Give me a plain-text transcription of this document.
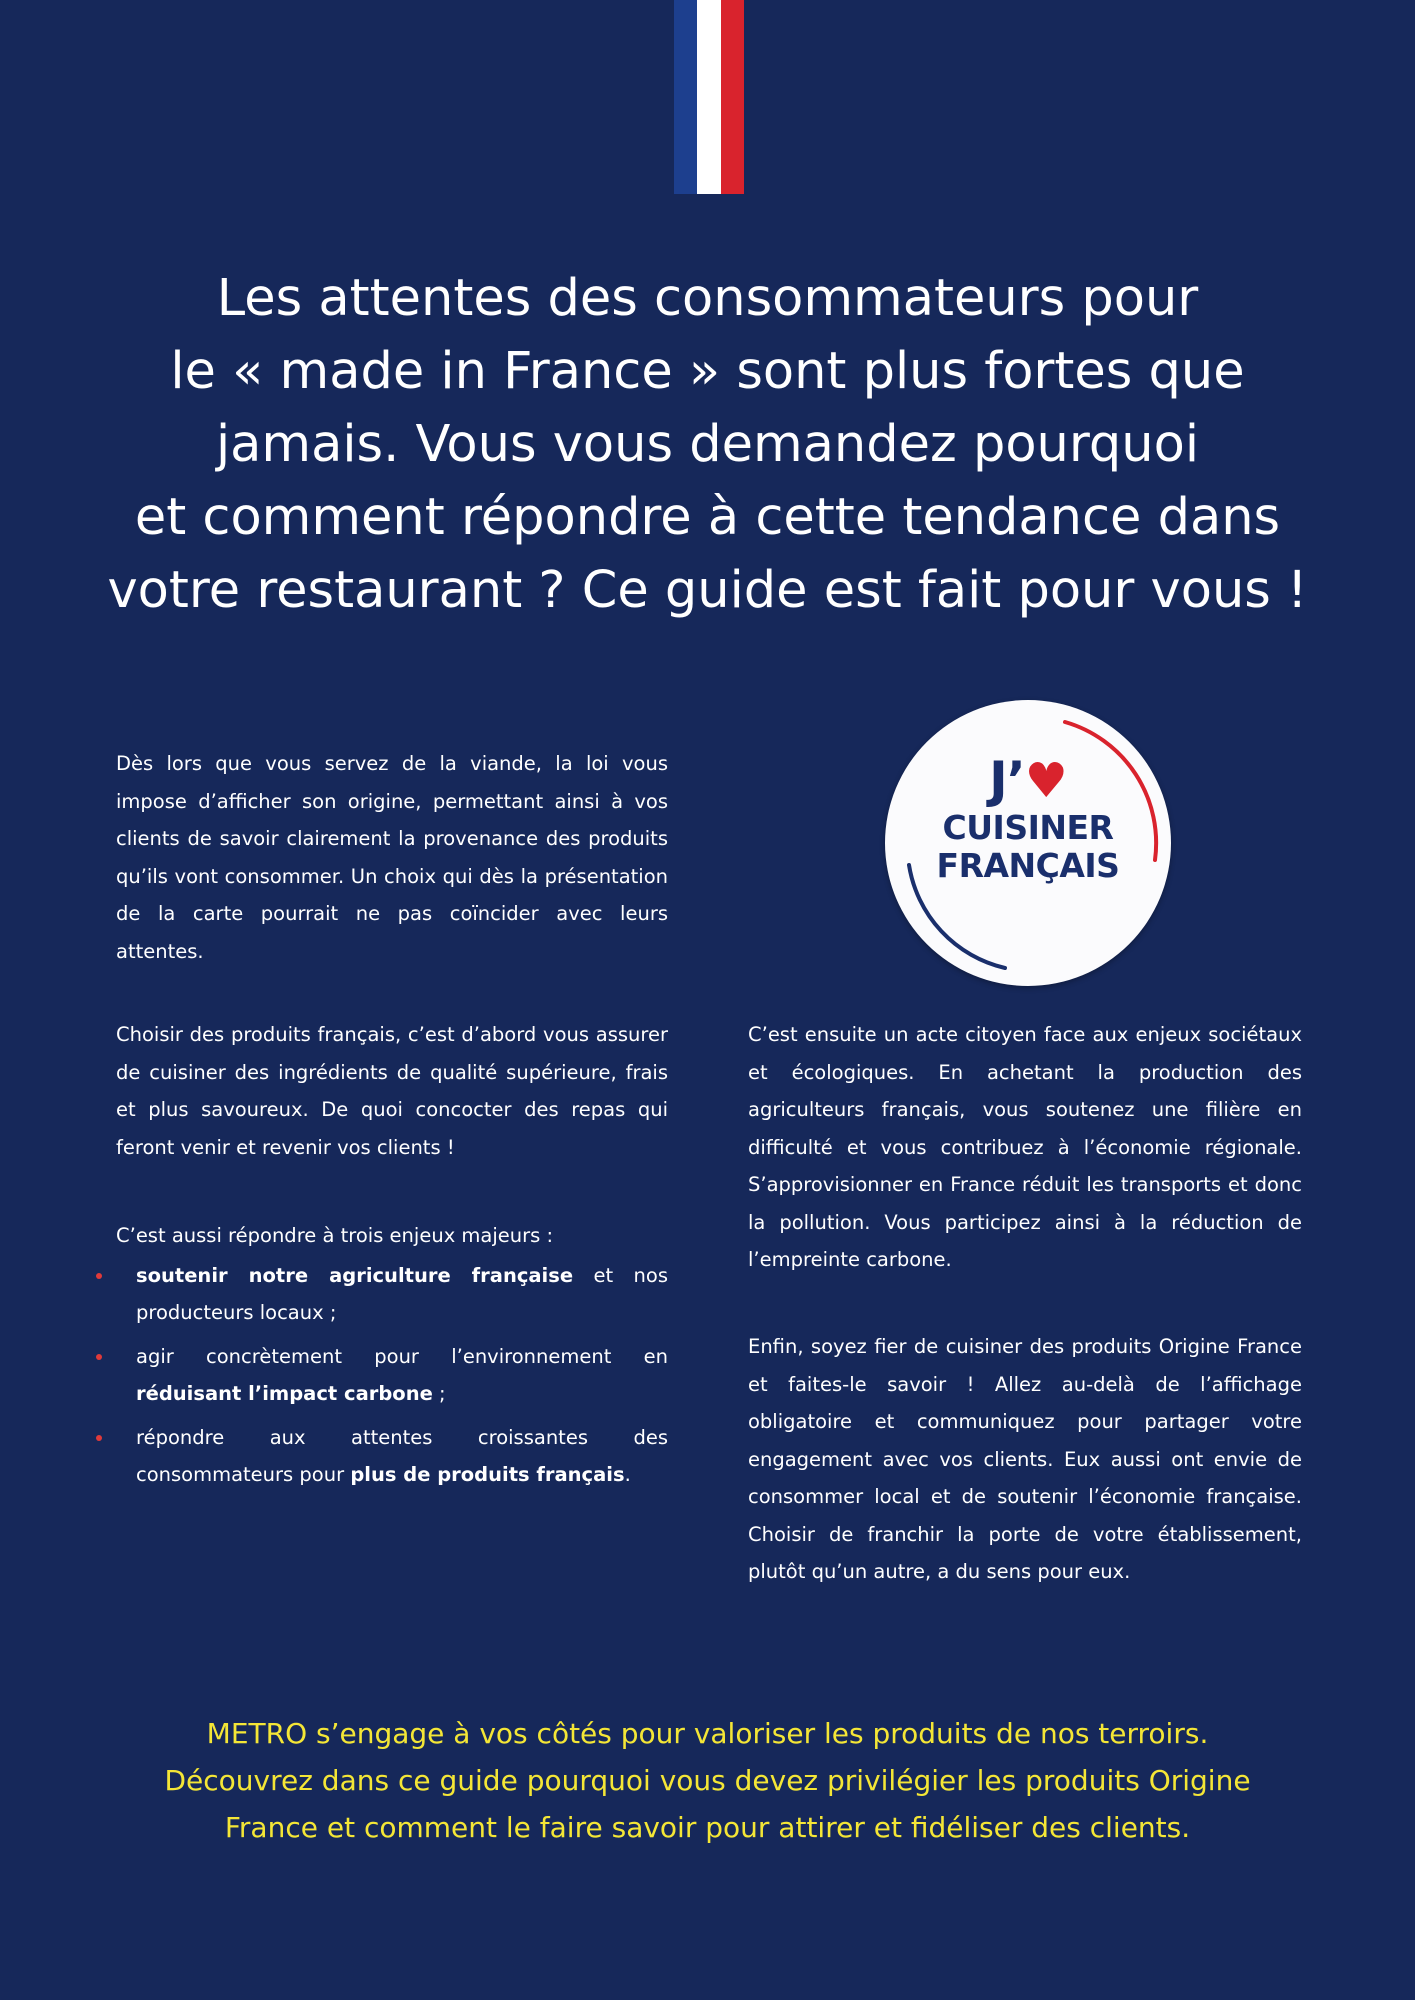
Les attentes des consommateurs pour
le « made in France » sont plus fortes que
jamais. Vous vous demandez pourquoi
et comment répondre à cette tendance dans
votre restaurant ? Ce guide est fait pour vous !
J’♥
CUISINER
FRANÇAIS

Dès lors que vous servez de la viande, la loi vous impose d’afficher son origine, permettant ainsi à vos clients de savoir clairement la provenance des produits qu’ils vont consommer. Un choix qui dès la présentation de la carte pourrait ne pas coïncider avec leurs attentes.

Choisir des produits français, c’est d’abord vous assurer de cuisiner des ingrédients de qualité supérieure, frais et plus savoureux. De quoi concocter des repas qui feront venir et revenir vos clients !

C’est aussi répondre à trois enjeux majeurs :

soutenir notre agriculture française et nos producteurs locaux ;
agir concrètement pour l’environnement en réduisant l’impact carbone ;
répondre aux attentes croissantes des consommateurs pour plus de produits français.

C’est ensuite un acte citoyen face aux enjeux sociétaux et écologiques. En achetant la production des agriculteurs français, vous soutenez une filière en difficulté et vous contribuez à l’économie régionale. S’approvisionner en France réduit les transports et donc la pollution. Vous participez ainsi à la réduction de l’empreinte carbone.

Enfin, soyez fier de cuisiner des produits Origine France et faites-le savoir ! Allez au-delà de l’affichage obligatoire et communiquez pour partager votre engagement avec vos clients. Eux aussi ont envie de consommer local et de soutenir l’économie française. Choisir de franchir la porte de votre établissement, plutôt qu’un autre, a du sens pour eux.

METRO s’engage à vos côtés pour valoriser les produits de nos terroirs.
Découvrez dans ce guide pourquoi vous devez privilégier les produits Origine
France et comment le faire savoir pour attirer et fidéliser des clients.
